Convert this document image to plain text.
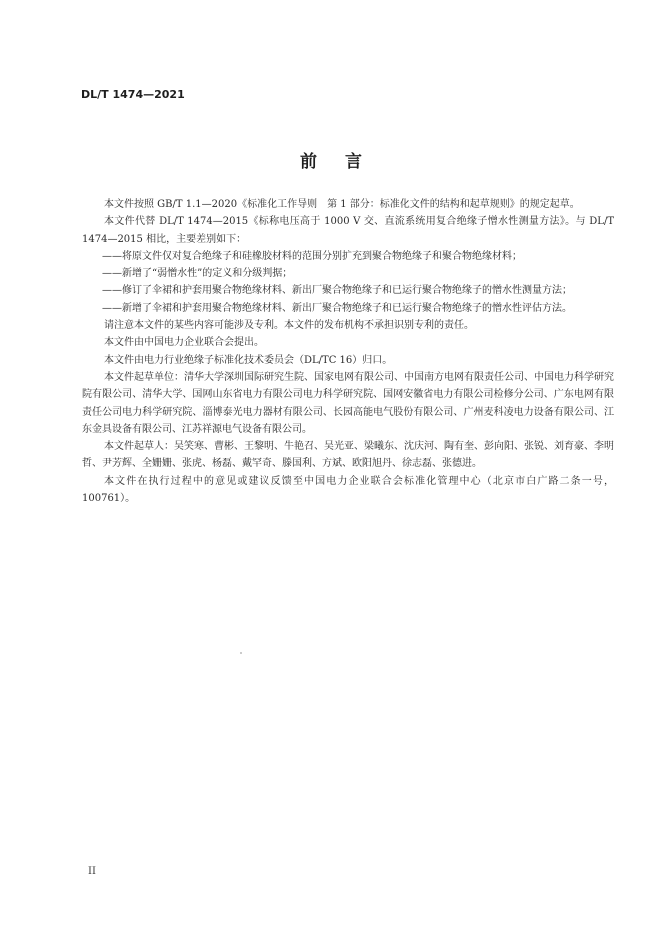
DL/T 1474—2021
前言

本文件按照 GB/T 1.1—2020《标准化工作导则　第 1 部分：标准化文件的结构和起草规则》的规定起草。

本文件代替 DL/T 1474—2015《标称电压高于 1000 V 交、直流系统用复合绝缘子憎水性测量方法》。与 DL/T 1474—2015 相比，主要差别如下：

——将原文件仅对复合绝缘子和硅橡胶材料的范围分别扩充到聚合物绝缘子和聚合物绝缘材料；

——新增了“弱憎水性”的定义和分级判据；

——修订了伞裙和护套用聚合物绝缘材料、新出厂聚合物绝缘子和已运行聚合物绝缘子的憎水性测量方法；

——新增了伞裙和护套用聚合物绝缘材料、新出厂聚合物绝缘子和已运行聚合物绝缘子的憎水性评估方法。

请注意本文件的某些内容可能涉及专利。本文件的发布机构不承担识别专利的责任。

本文件由中国电力企业联合会提出。

本文件由电力行业绝缘子标准化技术委员会（DL/TC 16）归口。

本文件起草单位：清华大学深圳国际研究生院、国家电网有限公司、中国南方电网有限责任公司、中国电力科学研究院有限公司、清华大学、国网山东省电力有限公司电力科学研究院、国网安徽省电力有限公司检修分公司、广东电网有限责任公司电力科学研究院、淄博泰光电力器材有限公司、长园高能电气股份有限公司、广州麦科凌电力设备有限公司、江东金具设备有限公司、江苏祥源电气设备有限公司。

本文件起草人：吴笑寒、曹彬、王黎明、牛艳召、吴光亚、梁曦东、沈庆河、陶有奎、彭向阳、张锐、刘育豪、李明哲、尹芳辉、全姗姗、张虎、杨磊、戴罕奇、滕国利、方斌、欧阳旭丹、徐志磊、张德进。

本文件在执行过程中的意见或建议反馈至中国电力企业联合会标准化管理中心（北京市白广路二条一号，100761）。

II
